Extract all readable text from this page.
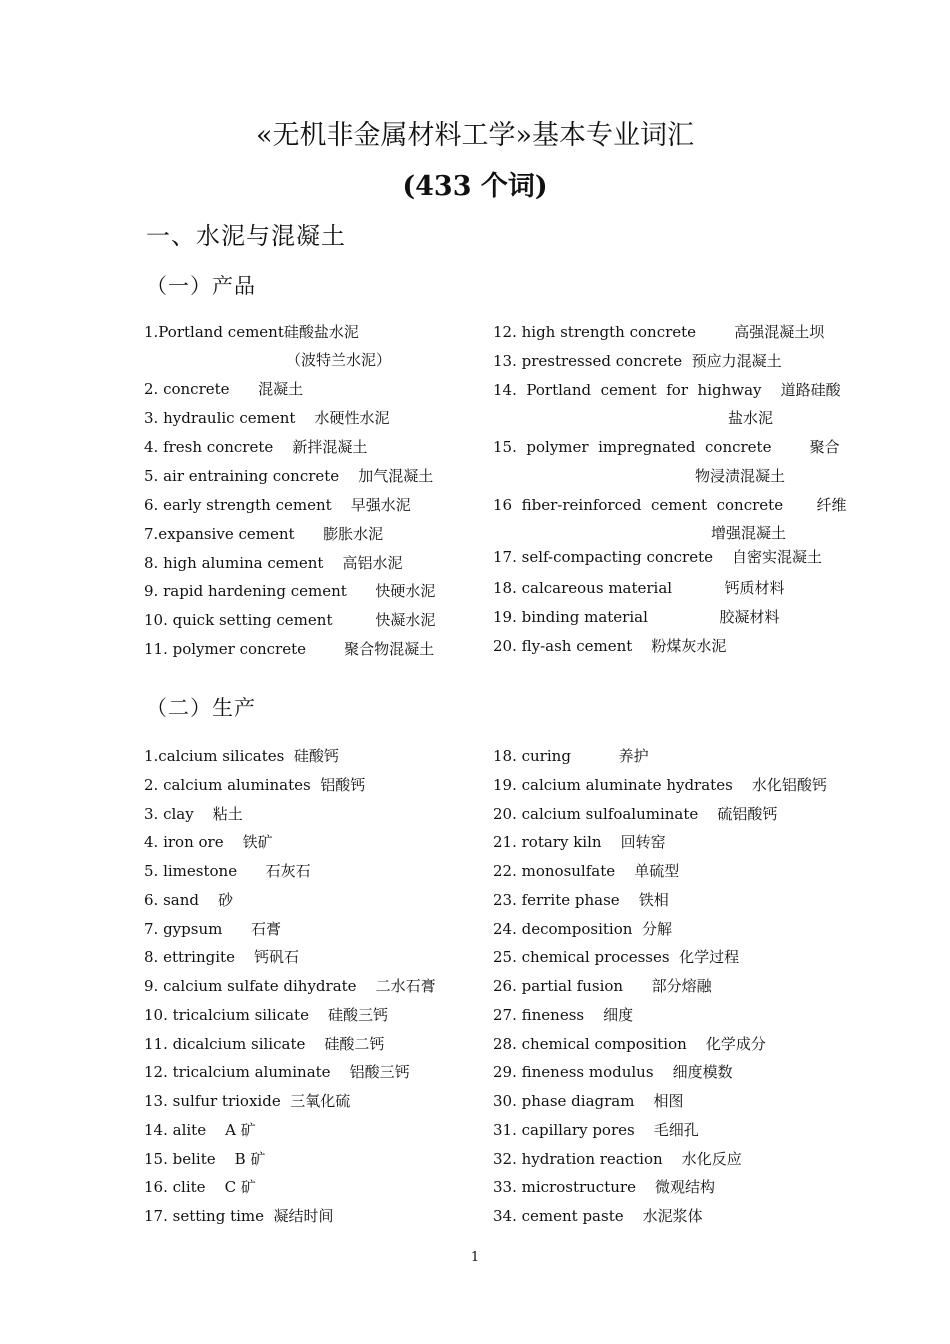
«无机非金属材料工学»基本专业词汇
(433 个词)
一、水泥与混凝土
（一）产品
1.Portland cement硅酸盐水泥
（波特兰水泥）
2. concrete      混凝土
3. hydraulic cement    水硬性水泥
4. fresh concrete    新拌混凝土
5. air entraining concrete    加气混凝土
6. early strength cement    早强水泥
7.expansive cement      膨胀水泥
8. high alumina cement    高铝水泥
9. rapid hardening cement      快硬水泥
10. quick setting cement         快凝水泥
11. polymer concrete        聚合物混凝土
12. high strength concrete        高强混凝土坝
13. prestressed concrete  预应力混凝土
14.  Portland  cement  for  highway    道路硅酸
盐水泥
15.  polymer  impregnated  concrete        聚合
物浸渍混凝土
16  fiber-reinforced  cement  concrete       纤维
增强混凝土
17. self-compacting concrete    自密实混凝土
18. calcareous material           钙质材料
19. binding material               胶凝材料
20. fly-ash cement    粉煤灰水泥
（二）生产
1.calcium silicates  硅酸钙
2. calcium aluminates  铝酸钙
3. clay    粘土
4. iron ore    铁矿
5. limestone      石灰石
6. sand    砂
7. gypsum      石膏
8. ettringite    钙矾石
9. calcium sulfate dihydrate    二水石膏
10. tricalcium silicate    硅酸三钙
11. dicalcium silicate    硅酸二钙
12. tricalcium aluminate    铝酸三钙
13. sulfur trioxide  三氧化硫
14. alite    A 矿
15. belite    B 矿
16. clite    C 矿
17. setting time  凝结时间
18. curing          养护
19. calcium aluminate hydrates    水化铝酸钙
20. calcium sulfoaluminate    硫铝酸钙
21. rotary kiln    回转窑
22. monosulfate    单硫型
23. ferrite phase    铁相
24. decomposition  分解
25. chemical processes  化学过程
26. partial fusion      部分熔融
27. fineness    细度
28. chemical composition    化学成分
29. fineness modulus    细度模数
30. phase diagram    相图
31. capillary pores    毛细孔
32. hydration reaction    水化反应
33. microstructure    微观结构
34. cement paste    水泥浆体
1
